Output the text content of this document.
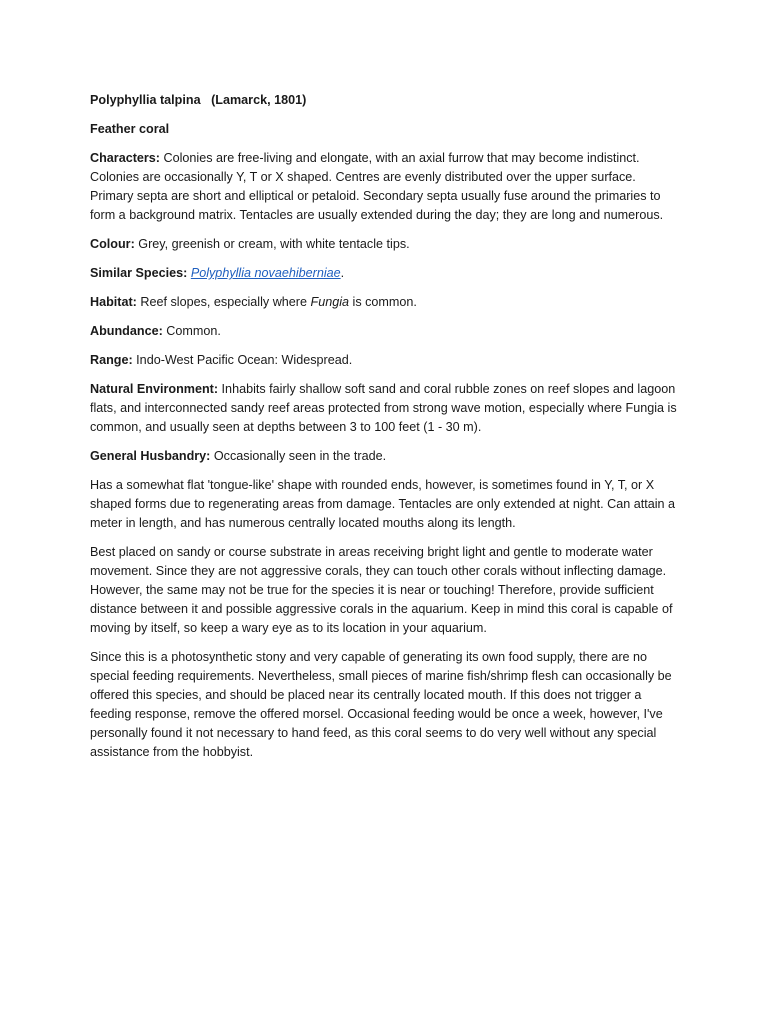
Polyphyllia talpina (Lamarck, 1801)

Feather coral

Characters: Colonies are free-living and elongate, with an axial furrow that may become indistinct. Colonies are occasionally Y, T or X shaped. Centres are evenly distributed over the upper surface. Primary septa are short and elliptical or petaloid. Secondary septa usually fuse around the primaries to form a background matrix. Tentacles are usually extended during the day; they are long and numerous.

Colour: Grey, greenish or cream, with white tentacle tips.

Similar Species: Polyphyllia novaehiberniae.

Habitat: Reef slopes, especially where Fungia is common.

Abundance: Common.

Range: Indo-West Pacific Ocean: Widespread.

Natural Environment: Inhabits fairly shallow soft sand and coral rubble zones on reef slopes and lagoon flats, and interconnected sandy reef areas protected from strong wave motion, especially where Fungia is common, and usually seen at depths between 3 to 100 feet (1 - 30 m).

General Husbandry: Occasionally seen in the trade.

Has a somewhat flat 'tongue-like' shape with rounded ends, however, is sometimes found in Y, T, or X shaped forms due to regenerating areas from damage. Tentacles are only extended at night. Can attain a meter in length, and has numerous centrally located mouths along its length.

Best placed on sandy or course substrate in areas receiving bright light and gentle to moderate water movement. Since they are not aggressive corals, they can touch other corals without inflecting damage. However, the same may not be true for the species it is near or touching! Therefore, provide sufficient distance between it and possible aggressive corals in the aquarium. Keep in mind this coral is capable of moving by itself, so keep a wary eye as to its location in your aquarium.

Since this is a photosynthetic stony and very capable of generating its own food supply, there are no special feeding requirements. Nevertheless, small pieces of marine fish/shrimp flesh can occasionally be offered this species, and should be placed near its centrally located mouth. If this does not trigger a feeding response, remove the offered morsel. Occasional feeding would be once a week, however, I've personally found it not necessary to hand feed, as this coral seems to do very well without any special assistance from the hobbyist.
